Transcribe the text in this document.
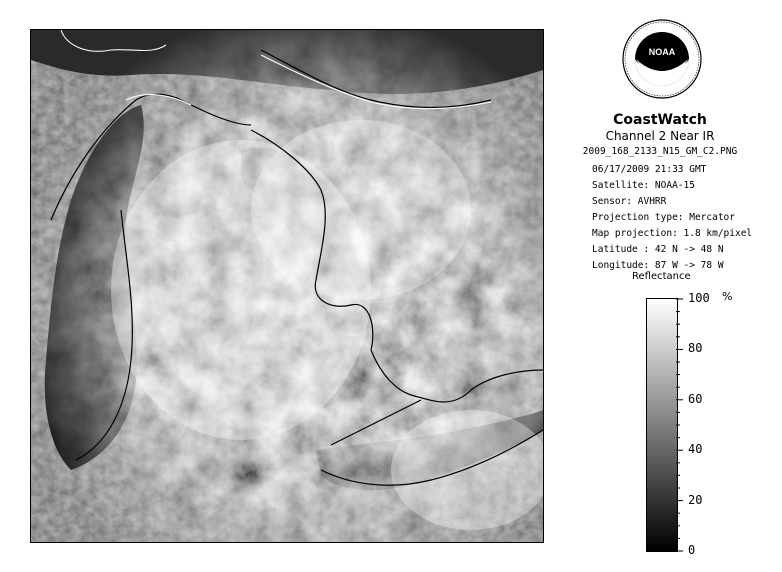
NOAA
CoastWatch
Channel 2 Near IR
2009_168_2133_N15_GM_C2.PNG
06/17/2009 21:33 GMT
Satellite: NOAA-15
Sensor: AVHRR
Projection type: Mercator
Map projection: 1.8 km/pixel
Latitude : 42 N -> 48 N
Longitude: 87 W -> 78 W
Reflectance
%
100
80
60
40
20
0
